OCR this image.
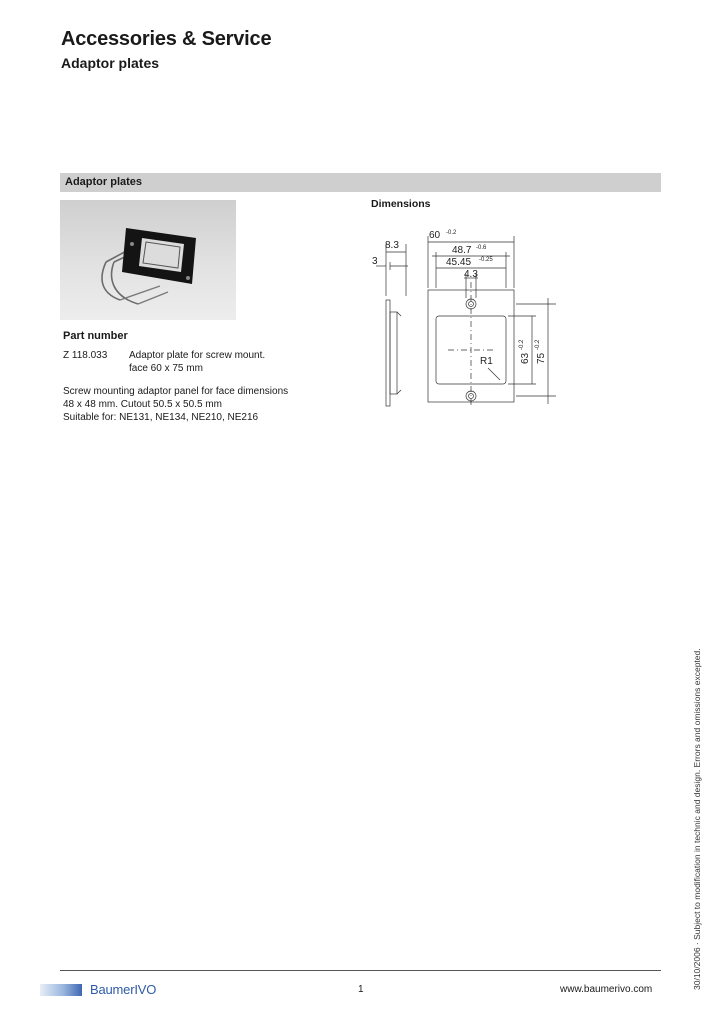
Accessories & Service
Adaptor plates
Adaptor plates
Part number
Z 118.033 Adaptor plate for screw mount.
face 60 x 75 mm
Screw mounting adaptor panel for face dimensions
48 x 48 mm. Cutout 50.5 x 50.5 mm
Suitable for: NE131, NE134, NE210, NE216
Dimensions
60 -0.2
48.7 -0.6
45.45 -0.25
4.3
8.3
3
R1	63
-0.2
75
-0.2
BaumerIVO	1	www.baumerivo.com	30/10/2006 · Subject to modification in technic and design. Errors and omissions excepted.
